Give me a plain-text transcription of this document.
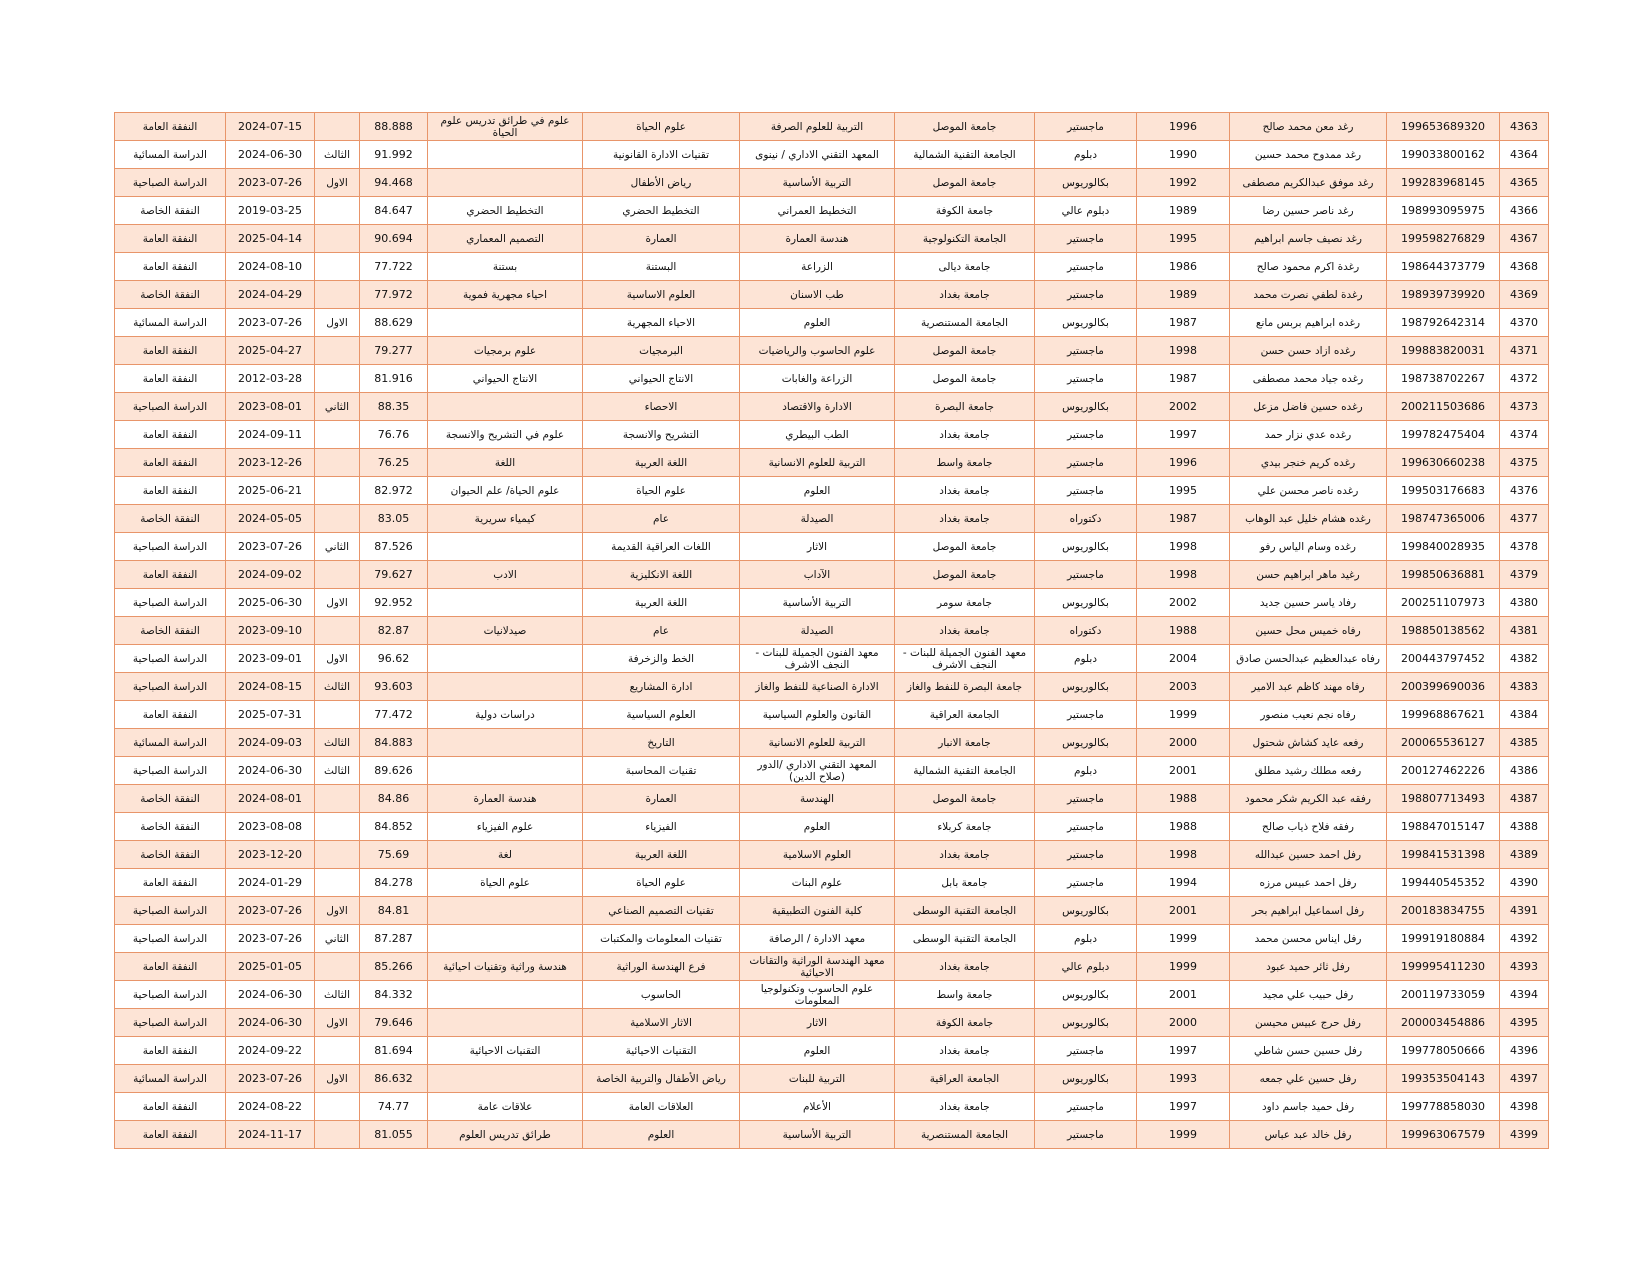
4363	199653689320	رغد معن محمد صالح	1996	ماجستير	جامعة الموصل	التربية للعلوم الصرفة	علوم الحياة	علوم في طرائق تدريس علوم الحياة	88.888		2024-07-15	النفقة العامة
4364	199033800162	رغد ممدوح محمد حسين	1990	دبلوم	الجامعة التقنية الشمالية	المعهد التقني الاداري / نينوى	تقنيات الادارة القانونية		91.992	الثالث	2024-06-30	الدراسة المسائية
4365	199283968145	رغد موفق عبدالكريم مصطفى	1992	بكالوريوس	جامعة الموصل	التربية الأساسية	رياض الأطفال		94.468	الاول	2023-07-26	الدراسة الصباحية
4366	198993095975	رغد ناصر حسين رضا	1989	دبلوم عالي	جامعة الكوفة	التخطيط العمراني	التخطيط الحضري	التخطيط الحضري	84.647		2019-03-25	النفقة الخاصة
4367	199598276829	رغد نصيف جاسم ابراهيم	1995	ماجستير	الجامعة التكنولوجية	هندسة العمارة	العمارة	التصميم المعماري	90.694		2025-04-14	النفقة العامة
4368	198644373779	رغدة اكرم محمود صالح	1986	ماجستير	جامعة ديالى	الزراعة	البستنة	بستنة	77.722		2024-08-10	النفقة العامة
4369	198939739920	رغدة لطفي نصرت محمد	1989	ماجستير	جامعة بغداد	طب الاسنان	العلوم الاساسية	احياء مجهرية فموية	77.972		2024-04-29	النفقة الخاصة
4370	198792642314	رغده ابراهيم بربس مانع	1987	بكالوريوس	الجامعة المستنصرية	العلوم	الاحياء المجهرية		88.629	الاول	2023-07-26	الدراسة المسائية
4371	199883820031	رغده ازاد حسن حسن	1998	ماجستير	جامعة الموصل	علوم الحاسوب والرياضيات	البرمجيات	علوم برمجيات	79.277		2025-04-27	النفقة العامة
4372	198738702267	رغده جياد محمد مصطفى	1987	ماجستير	جامعة الموصل	الزراعة والغابات	الانتاج الحيواني	الانتاج الحيواني	81.916		2012-03-28	النفقة العامة
4373	200211503686	رغده حسين فاضل مزعل	2002	بكالوريوس	جامعة البصرة	الادارة والاقتصاد	الاحصاء		88.35	الثاني	2023-08-01	الدراسة الصباحية
4374	199782475404	رغده عدي نزار حمد	1997	ماجستير	جامعة بغداد	الطب البيطري	التشريح والانسجة	علوم في التشريح والانسجة	76.76		2024-09-11	النفقة العامة
4375	199630660238	رغده كريم خنجر بيدي	1996	ماجستير	جامعة واسط	التربية للعلوم الانسانية	اللغة العربية	اللغة	76.25		2023-12-26	النفقة العامة
4376	199503176683	رغده ناصر محسن علي	1995	ماجستير	جامعة بغداد	العلوم	علوم الحياة	علوم الحياة/ علم الحيوان	82.972		2025-06-21	النفقة العامة
4377	198747365006	رغده هشام خليل عبد الوهاب	1987	دكتوراه	جامعة بغداد	الصيدلة	عام	كيمياء سريرية	83.05		2024-05-05	النفقة الخاصة
4378	199840028935	رغده وسام الياس رفو	1998	بكالوريوس	جامعة الموصل	الاثار	اللغات العراقية القديمة		87.526	الثاني	2023-07-26	الدراسة الصباحية
4379	199850636881	رغيد ماهر ابراهيم حسن	1998	ماجستير	جامعة الموصل	الآداب	اللغة الانكليزية	الادب	79.627		2024-09-02	النفقة العامة
4380	200251107973	رفاد ياسر حسين جديد	2002	بكالوريوس	جامعة سومر	التربية الأساسية	اللغة العربية		92.952	الاول	2025-06-30	الدراسة الصباحية
4381	198850138562	رفاه خميس محل حسين	1988	دكتوراه	جامعة بغداد	الصيدلة	عام	صيدلانيات	82.87		2023-09-10	النفقة الخاصة
4382	200443797452	رفاه عبدالعظيم عبدالحسن صادق	2004	دبلوم	معهد الفنون الجميلة للبنات - النجف الاشرف	معهد الفنون الجميلة للبنات - النجف الاشرف	الخط والزخرفة		96.62	الاول	2023-09-01	الدراسة الصباحية
4383	200399690036	رفاه مهند كاظم عبد الامير	2003	بكالوريوس	جامعة البصرة للنفط والغاز	الادارة الصناعية للنفط والغاز	ادارة المشاريع		93.603	الثالث	2024-08-15	الدراسة الصباحية
4384	199968867621	رفاه نجم نعيب منصور	1999	ماجستير	الجامعة العراقية	القانون والعلوم السياسية	العلوم السياسية	دراسات دولية	77.472		2025-07-31	النفقة العامة
4385	200065536127	رفعه عايد كشاش شحتول	2000	بكالوريوس	جامعة الانبار	التربية للعلوم الانسانية	التاريخ		84.883	الثالث	2024-09-03	الدراسة المسائية
4386	200127462226	رفعه مطلك رشيد مطلق	2001	دبلوم	الجامعة التقنية الشمالية	المعهد التقني الاداري /الدور (صلاح الدين)	تقنيات المحاسبة		89.626	الثالث	2024-06-30	الدراسة الصباحية
4387	198807713493	رفقه عبد الكريم شكر محمود	1988	ماجستير	جامعة الموصل	الهندسة	العمارة	هندسة العمارة	84.86		2024-08-01	النفقة الخاصة
4388	198847015147	رفقه فلاح ذياب صالح	1988	ماجستير	جامعة كربلاء	العلوم	الفيزياء	علوم الفيزياء	84.852		2023-08-08	النفقة الخاصة
4389	199841531398	رفل احمد حسين عبدالله	1998	ماجستير	جامعة بغداد	العلوم الاسلامية	اللغة العربية	لغة	75.69		2023-12-20	النفقة الخاصة
4390	199440545352	رفل احمد عبيس مرزه	1994	ماجستير	جامعة بابل	علوم البنات	علوم الحياة	علوم الحياة	84.278		2024-01-29	النفقة العامة
4391	200183834755	رفل اسماعيل ابراهيم بحر	2001	بكالوريوس	الجامعة التقنية الوسطى	كلية الفنون التطبيقية	تقنيات التصميم الصناعي		84.81	الاول	2023-07-26	الدراسة الصباحية
4392	199919180884	رفل ايناس محسن محمد	1999	دبلوم	الجامعة التقنية الوسطى	معهد الادارة / الرصافة	تقنيات المعلومات والمكتبات		87.287	الثاني	2023-07-26	الدراسة الصباحية
4393	199995411230	رفل ثائر حميد عبود	1999	دبلوم عالي	جامعة بغداد	معهد الهندسة الوراثية والتقانات الاحيائية	فرع الهندسة الوراثية	هندسة وراثية وتقنيات احيائية	85.266		2025-01-05	النفقة العامة
4394	200119733059	رفل حبيب علي مجيد	2001	بكالوريوس	جامعة واسط	علوم الحاسوب وتكنولوجيا المعلومات	الحاسوب		84.332	الثالث	2024-06-30	الدراسة الصباحية
4395	200003454886	رفل حرج عبيس محيسن	2000	بكالوريوس	جامعة الكوفة	الاثار	الاثار الاسلامية		79.646	الاول	2024-06-30	الدراسة الصباحية
4396	199778050666	رفل حسين حسن شاطي	1997	ماجستير	جامعة بغداد	العلوم	التقنيات الاحيائية	التقنيات الاحيائية	81.694		2024-09-22	النفقة العامة
4397	199353504143	رفل حسين علي جمعه	1993	بكالوريوس	الجامعة العراقية	التربية للبنات	رياض الأطفال والتربية الخاصة		86.632	الاول	2023-07-26	الدراسة المسائية
4398	199778858030	رفل حميد جاسم داود	1997	ماجستير	جامعة بغداد	الأعلام	العلاقات العامة	علاقات عامة	74.77		2024-08-22	النفقة العامة
4399	199963067579	رفل خالد عبد عباس	1999	ماجستير	الجامعة المستنصرية	التربية الأساسية	العلوم	طرائق تدريس العلوم	81.055		2024-11-17	النفقة العامة
